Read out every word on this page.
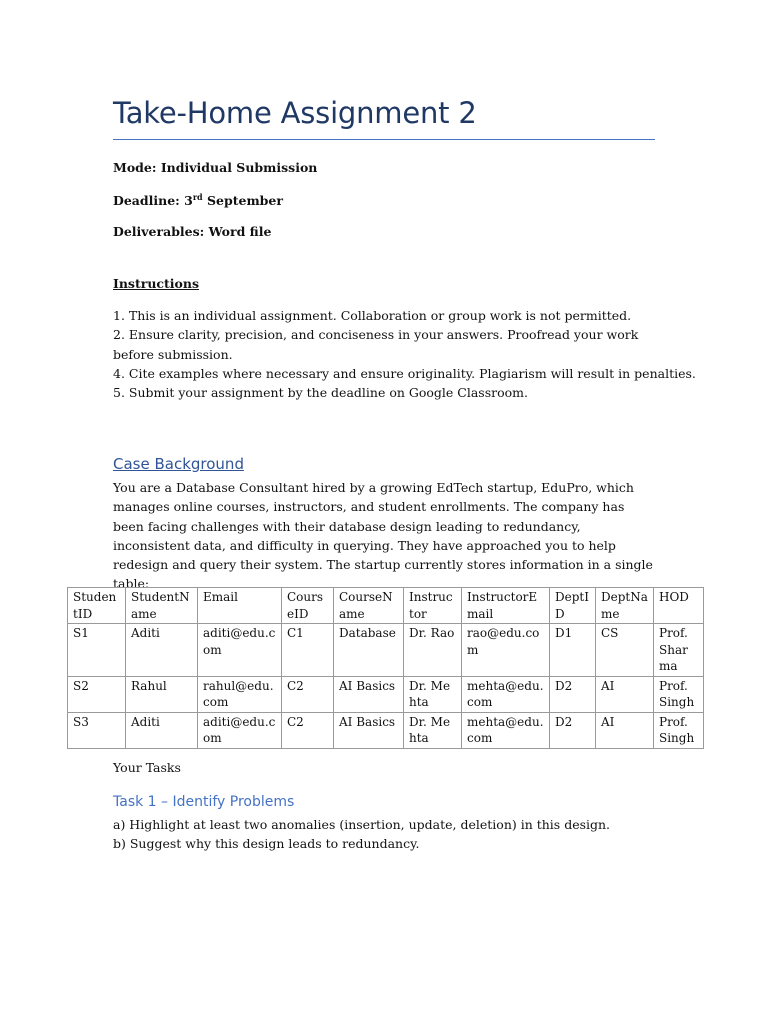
Take-Home Assignment 2
Mode: Individual Submission
Deadline: 3rd September
Deliverables: Word file
Instructions
1. This is an individual assignment. Collaboration or group work is not permitted.
2. Ensure clarity, precision, and conciseness in your answers. Proofread your work before submission.
4. Cite examples where necessary and ensure originality. Plagiarism will result in penalties.
5. Submit your assignment by the deadline on Google Classroom.
Case Background
You are a Database Consultant hired by a growing EdTech startup, EduPro, which manages online courses, instructors, and student enrollments. The company has been facing challenges with their database design leading to redundancy, inconsistent data, and difficulty in querying. They have approached you to help redesign and query their system. The startup currently stores information in a single table:
StudentID	StudentName	Email	CourseID	CourseName	Instructor	InstructorEmail	DeptID	DeptName	HOD
S1	Aditi	aditi@edu.com	C1	Database	Dr. Rao	rao@edu.com	D1	CS	Prof. Sharma
S2	Rahul	rahul@edu.com	C2	AI Basics	Dr. Mehta	mehta@edu.com	D2	AI	Prof. Singh
S3	Aditi	aditi@edu.com	C2	AI Basics	Dr. Mehta	mehta@edu.com	D2	AI	Prof. Singh
Your Tasks
Task 1 – Identify Problems
a) Highlight at least two anomalies (insertion, update, deletion) in this design.
b) Suggest why this design leads to redundancy.
